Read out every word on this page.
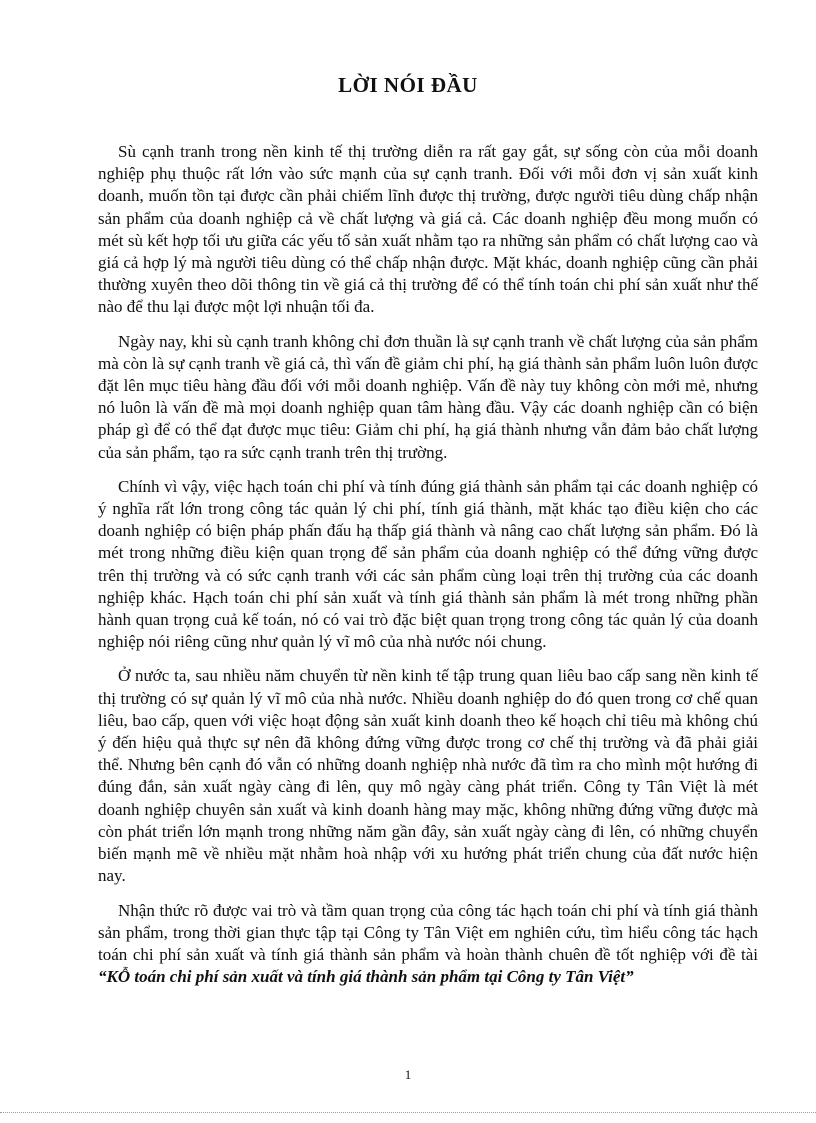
LỜI NÓI ĐẦU

Sù cạnh tranh trong nền kinh tế thị trường diễn ra rất gay gắt, sự sống còn của mỗi doanh nghiệp phụ thuộc rất lớn vào sức mạnh của sự cạnh tranh. Đối với mỗi đơn vị sản xuất kinh doanh, muốn tồn tại được cần phải chiếm lĩnh được thị trường, được người tiêu dùng chấp nhận sản phẩm của doanh nghiệp cả về chất lượng và giá cả. Các doanh nghiệp đều mong muốn có mét sù kết hợp tối ưu giữa các yếu tố sản xuất nhằm tạo ra những sản phẩm có chất lượng cao và giá cả hợp lý mà người tiêu dùng có thể chấp nhận được. Mặt khác, doanh nghiệp cũng cần phải thường xuyên theo dõi thông tin về giá cả thị trường để có thể tính toán chi phí sản xuất như thế nào để thu lại được một lợi nhuận tối đa.

Ngày nay, khi sù cạnh tranh không chỉ đơn thuần là sự cạnh tranh về chất lượng của sản phẩm mà còn là sự cạnh tranh về giá cả, thì vấn đề giảm chi phí, hạ giá thành sản phẩm luôn luôn được đặt lên mục tiêu hàng đầu đối với mỗi doanh nghiệp. Vấn đề này tuy không còn mới mẻ, nhưng nó luôn là vấn đề mà mọi doanh nghiệp quan tâm hàng đầu. Vậy các doanh nghiệp cần có biện pháp gì để có thể đạt được mục tiêu: Giảm chi phí, hạ giá thành nhưng vẫn đảm bảo chất lượng của sản phẩm, tạo ra sức cạnh tranh trên thị trường.

Chính vì vậy, việc hạch toán chi phí và tính đúng giá thành sản phẩm tại các doanh nghiệp có ý nghĩa rất lớn trong công tác quản lý chi phí, tính giá thành, mặt khác tạo điều kiện cho các doanh nghiệp có biện pháp phấn đấu hạ thấp giá thành và nâng cao chất lượng sản phẩm. Đó là mét trong những điều kiện quan trọng để sản phẩm của doanh nghiệp có thể đứng vững được trên thị trường và có sức cạnh tranh với các sản phẩm cùng loại trên thị trường của các doanh nghiệp khác. Hạch toán chi phí sản xuất và tính giá thành sản phẩm là mét trong những phần hành quan trọng cuả kế toán, nó có vai trò đặc biệt quan trọng trong công tác quản lý của doanh nghiệp nói riêng cũng như quản lý vĩ mô của nhà nước nói chung.

Ở nước ta, sau nhiều năm chuyển từ nền kinh tế tập trung quan liêu bao cấp sang nền kinh tế thị trường có sự quản lý vĩ mô của nhà nước. Nhiều doanh nghiệp do đó quen trong cơ chế quan liêu, bao cấp, quen với việc hoạt động sản xuất kinh doanh theo kế hoạch chỉ tiêu mà không chú ý đến hiệu quả thực sự nên đã không đứng vững được trong cơ chế thị trường và đã phải giải thể. Nhưng bên cạnh đó vẫn có những doanh nghiệp nhà nước đã tìm ra cho mình một hướng đi đúng đắn, sản xuất ngày càng đi lên, quy mô ngày càng phát triển. Công ty Tân Việt là mét doanh nghiệp chuyên sản xuất và kinh doanh hàng may mặc, không những đứng vững được mà còn phát triển lớn mạnh trong những năm gần đây, sản xuất ngày càng đi lên, có những chuyển biến mạnh mẽ về nhiều mặt nhằm hoà nhập với xu hướng phát triển chung của đất nước hiện nay.

Nhận thức rõ được vai trò và tầm quan trọng của công tác hạch toán chi phí và tính giá thành sản phẩm, trong thời gian thực tập tại Công ty Tân Việt em nghiên cứu, tìm hiểu công tác hạch toán chi phí sản xuất và tính giá thành sản phẩm và hoàn thành chuên đề tốt nghiệp với đề tài “KỖ toán chi phí sản xuất và tính giá thành sản phẩm tại Công ty Tân Việt”

1
